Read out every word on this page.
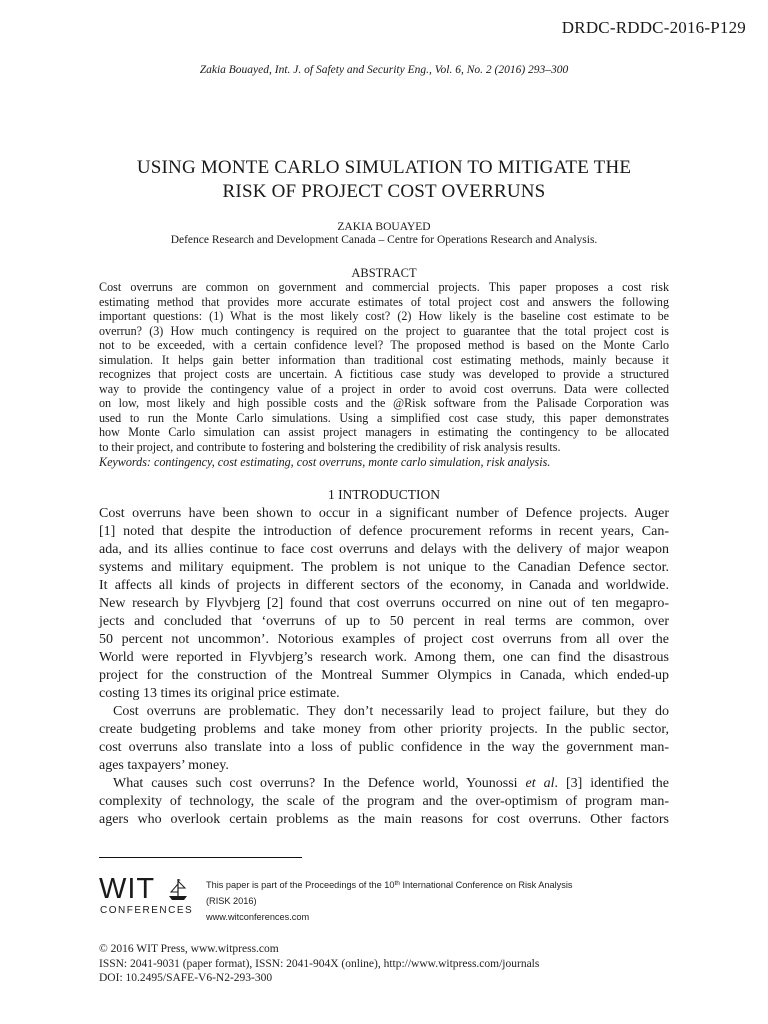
DRDC-RDDC-2016-P129
Zakia Bouayed, Int. J. of Safety and Security Eng., Vol. 6, No. 2 (2016) 293–300
USING MONTE CARLO SIMULATION TO MITIGATE THE
RISK OF PROJECT COST OVERRUNS
ZAKIA BOUAYED
Defence Research and Development Canada – Centre for Operations Research and Analysis.
ABSTRACT
Cost overruns are common on government and commercial projects. This paper proposes a cost risk
estimating method that provides more accurate estimates of total project cost and answers the following
important questions: (1) What is the most likely cost? (2) How likely is the baseline cost estimate to be
overrun? (3) How much contingency is required on the project to guarantee that the total project cost is
not to be exceeded, with a certain confidence level? The proposed method is based on the Monte Carlo
simulation. It helps gain better information than traditional cost estimating methods, mainly because it
recognizes that project costs are uncertain. A fictitious case study was developed to provide a structured
way to provide the contingency value of a project in order to avoid cost overruns. Data were collected
on low, most likely and high possible costs and the @Risk software from the Palisade Corporation was
used to run the Monte Carlo simulations. Using a simplified cost case study, this paper demonstrates
how Monte Carlo simulation can assist project managers in estimating the contingency to be allocated
to their project, and contribute to fostering and bolstering the credibility of risk analysis results.
Keywords: contingency, cost estimating, cost overruns, monte carlo simulation, risk analysis.
1 INTRODUCTION
Cost overruns have been shown to occur in a significant number of Defence projects. Auger
[1] noted that despite the introduction of defence procurement reforms in recent years, Can-
ada, and its allies continue to face cost overruns and delays with the delivery of major weapon
systems and military equipment. The problem is not unique to the Canadian Defence sector.
It affects all kinds of projects in different sectors of the economy, in Canada and worldwide.
New research by Flyvbjerg [2] found that cost overruns occurred on nine out of ten megapro-
jects and concluded that ‘overruns of up to 50 percent in real terms are common, over
50 percent not uncommon’. Notorious examples of project cost overruns from all over the
World were reported in Flyvbjerg’s research work. Among them, one can find the disastrous
project for the construction of the Montreal Summer Olympics in Canada, which ended-up
costing 13 times its original price estimate.
Cost overruns are problematic. They don’t necessarily lead to project failure, but they do
create budgeting problems and take money from other priority projects. In the public sector,
cost overruns also translate into a loss of public confidence in the way the government man-
ages taxpayers’ money.
What causes such cost overruns? In the Defence world, Younossi et al. [3] identified the
complexity of technology, the scale of the program and the over-optimism of program man-
agers who overlook certain problems as the main reasons for cost overruns. Other factors
WIT
CONFERENCES
This paper is part of the Proceedings of the 10th International Conference on Risk Analysis
(RISK 2016)
www.witconferences.com
© 2016 WIT Press, www.witpress.com
ISSN: 2041-9031 (paper format), ISSN: 2041-904X (online), http://www.witpress.com/journals
DOI: 10.2495/SAFE-V6-N2-293-300
